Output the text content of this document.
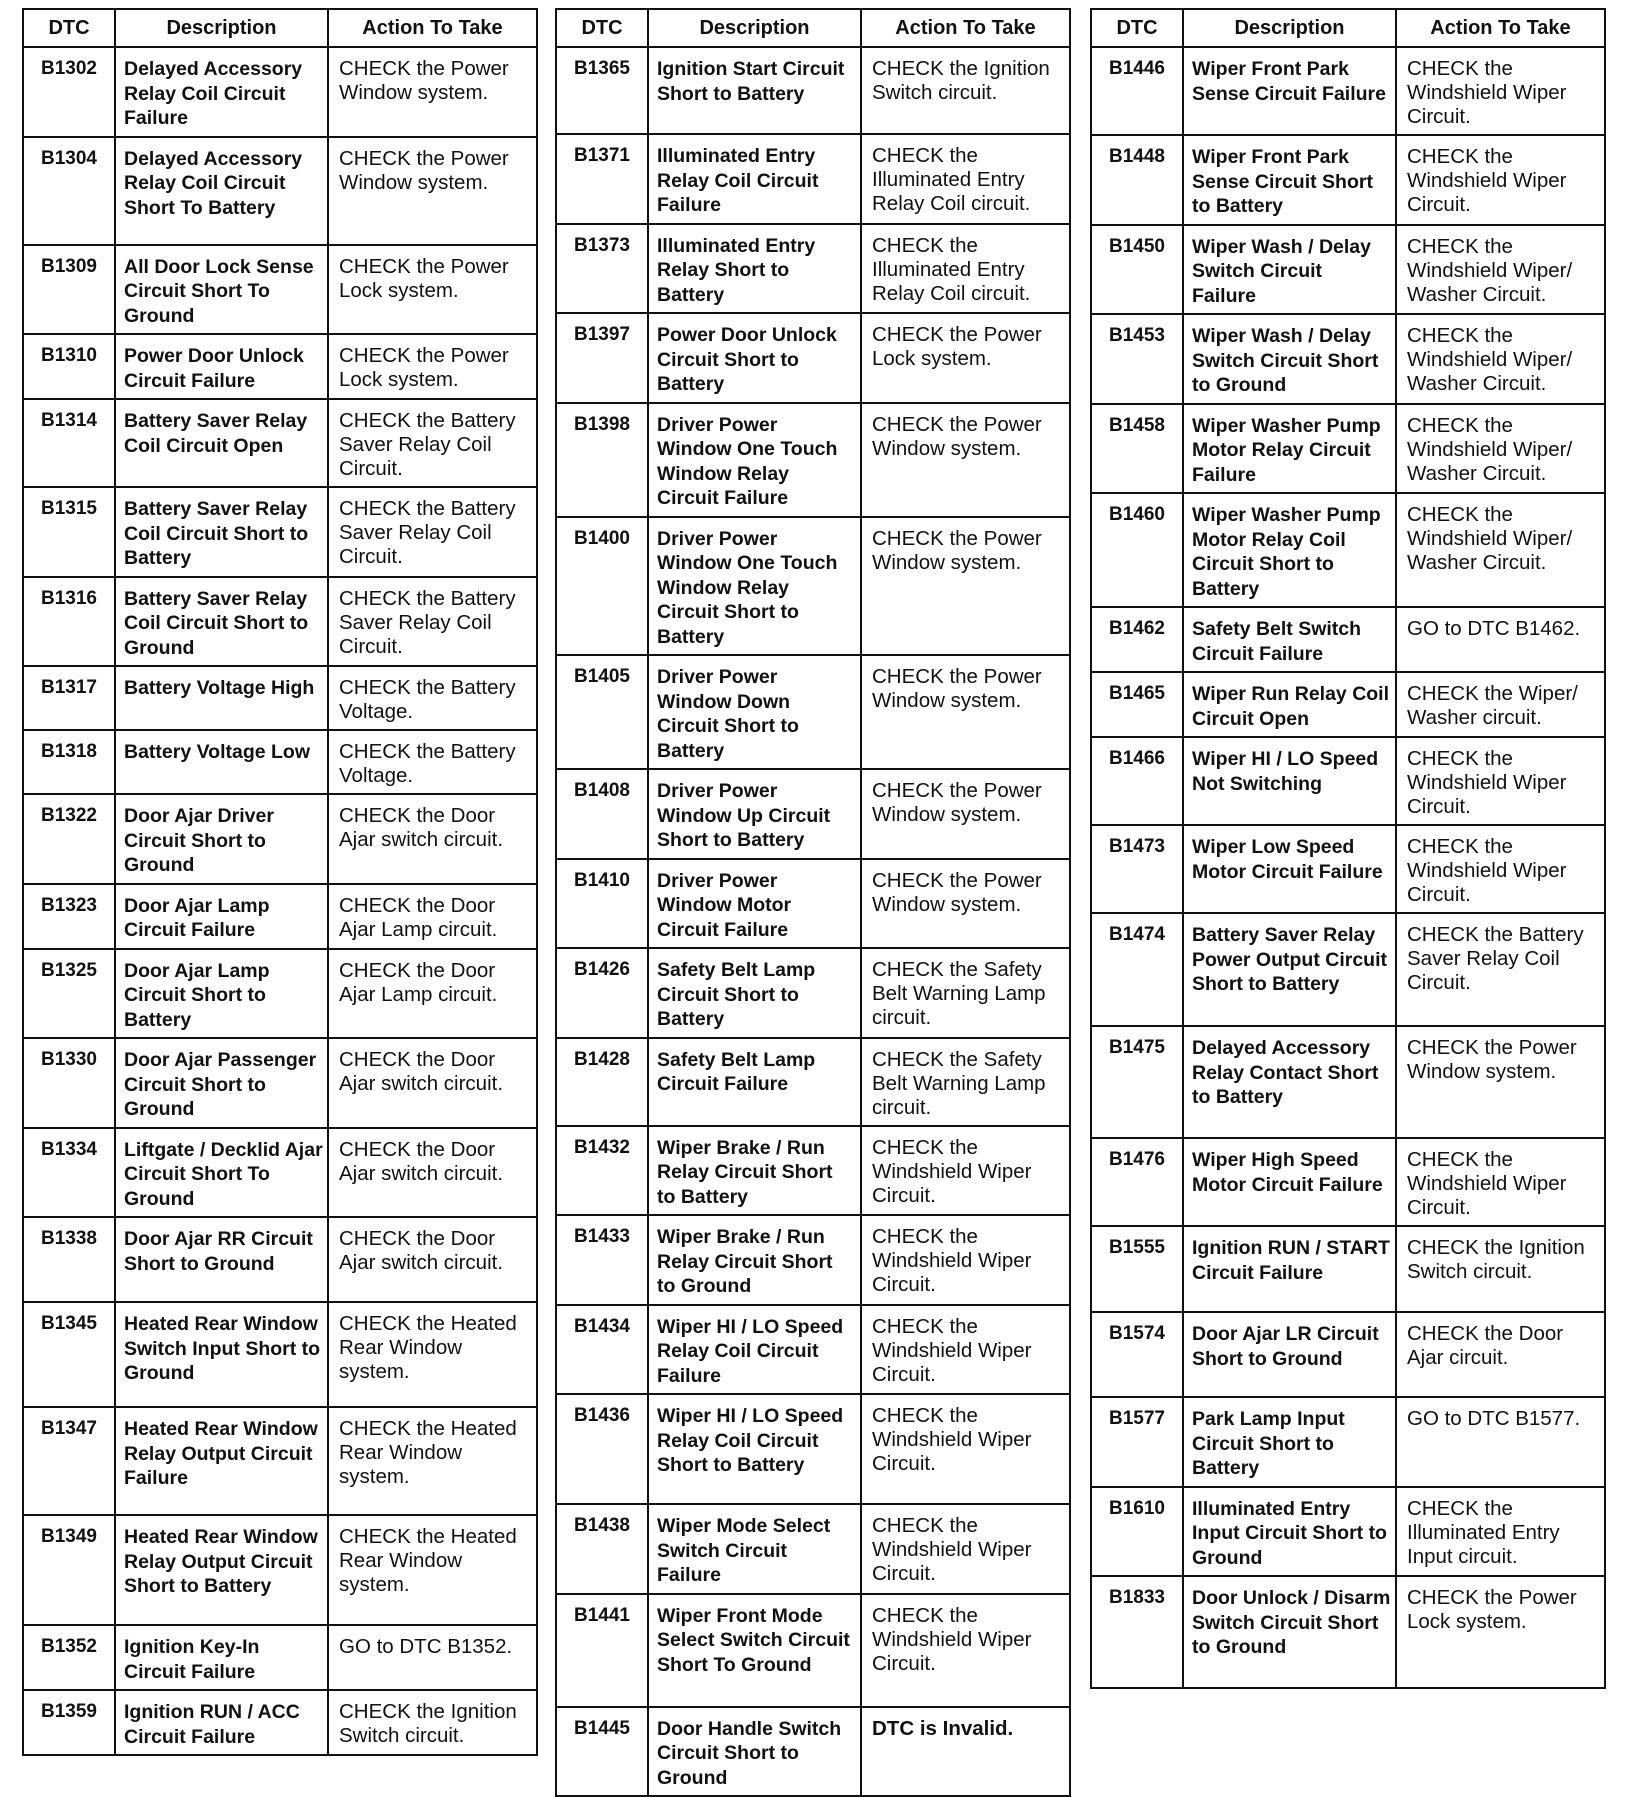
DTC	Description	Action To Take
B1302	Delayed Accessory Relay Coil Circuit Failure	CHECK the Power Window system.
B1304	Delayed Accessory Relay Coil Circuit Short To Battery	CHECK the Power Window system.
B1309	All Door Lock Sense Circuit Short To Ground	CHECK the Power Lock system.
B1310	Power Door Unlock Circuit Failure	CHECK the Power Lock system.
B1314	Battery Saver Relay Coil Circuit Open	CHECK the Battery Saver Relay Coil Circuit.
B1315	Battery Saver Relay Coil Circuit Short to Battery	CHECK the Battery Saver Relay Coil Circuit.
B1316	Battery Saver Relay Coil Circuit Short to Ground	CHECK the Battery Saver Relay Coil Circuit.
B1317	Battery Voltage High	CHECK the Battery Voltage.
B1318	Battery Voltage Low	CHECK the Battery Voltage.
B1322	Door Ajar Driver Circuit Short to Ground	CHECK the Door Ajar switch circuit.
B1323	Door Ajar Lamp Circuit Failure	CHECK the Door Ajar Lamp circuit.
B1325	Door Ajar Lamp Circuit Short to Battery	CHECK the Door Ajar Lamp circuit.
B1330	Door Ajar Passenger Circuit Short to Ground	CHECK the Door Ajar switch circuit.
B1334	Liftgate / Decklid Ajar Circuit Short To Ground	CHECK the Door Ajar switch circuit.
B1338	Door Ajar RR Circuit Short to Ground	CHECK the Door Ajar switch circuit.
B1345	Heated Rear Window Switch Input Short to Ground	CHECK the Heated Rear Window system.
B1347	Heated Rear Window Relay Output Circuit Failure	CHECK the Heated Rear Window system.
B1349	Heated Rear Window Relay Output Circuit Short to Battery	CHECK the Heated Rear Window system.
B1352	Ignition Key-In Circuit Failure	GO to DTC B1352.
B1359	Ignition RUN / ACC Circuit Failure	CHECK the Ignition Switch circuit.
DTC	Description	Action To Take
B1365	Ignition Start Circuit Short to Battery	CHECK the Ignition Switch circuit.
B1371	Illuminated Entry Relay Coil Circuit Failure	CHECK the Illuminated Entry Relay Coil circuit.
B1373	Illuminated Entry Relay Short to Battery	CHECK the Illuminated Entry Relay Coil circuit.
B1397	Power Door Unlock Circuit Short to Battery	CHECK the Power Lock system.
B1398	Driver Power Window One Touch Window Relay Circuit Failure	CHECK the Power Window system.
B1400	Driver Power Window One Touch Window Relay Circuit Short to Battery	CHECK the Power Window system.
B1405	Driver Power Window Down Circuit Short to Battery	CHECK the Power Window system.
B1408	Driver Power Window Up Circuit Short to Battery	CHECK the Power Window system.
B1410	Driver Power Window Motor Circuit Failure	CHECK the Power Window system.
B1426	Safety Belt Lamp Circuit Short to Battery	CHECK the Safety Belt Warning Lamp circuit.
B1428	Safety Belt Lamp Circuit Failure	CHECK the Safety Belt Warning Lamp circuit.
B1432	Wiper Brake / Run Relay Circuit Short to Battery	CHECK the Windshield Wiper Circuit.
B1433	Wiper Brake / Run Relay Circuit Short to Ground	CHECK the Windshield Wiper Circuit.
B1434	Wiper HI / LO Speed Relay Coil Circuit Failure	CHECK the Windshield Wiper Circuit.
B1436	Wiper HI / LO Speed Relay Coil Circuit Short to Battery	CHECK the Windshield Wiper Circuit.
B1438	Wiper Mode Select Switch Circuit Failure	CHECK the Windshield Wiper Circuit.
B1441	Wiper Front Mode Select Switch Circuit Short To Ground	CHECK the Windshield Wiper Circuit.
B1445	Door Handle Switch Circuit Short to Ground	DTC is Invalid.
DTC	Description	Action To Take
B1446	Wiper Front Park Sense Circuit Failure	CHECK the Windshield Wiper Circuit.
B1448	Wiper Front Park Sense Circuit Short to Battery	CHECK the Windshield Wiper Circuit.
B1450	Wiper Wash / Delay Switch Circuit Failure	CHECK the Windshield Wiper/ Washer Circuit.
B1453	Wiper Wash / Delay Switch Circuit Short to Ground	CHECK the Windshield Wiper/ Washer Circuit.
B1458	Wiper Washer Pump Motor Relay Circuit Failure	CHECK the Windshield Wiper/ Washer Circuit.
B1460	Wiper Washer Pump Motor Relay Coil Circuit Short to Battery	CHECK the Windshield Wiper/ Washer Circuit.
B1462	Safety Belt Switch Circuit Failure	GO to DTC B1462.
B1465	Wiper Run Relay Coil Circuit Open	CHECK the Wiper/ Washer circuit.
B1466	Wiper HI / LO Speed Not Switching	CHECK the Windshield Wiper Circuit.
B1473	Wiper Low Speed Motor Circuit Failure	CHECK the Windshield Wiper Circuit.
B1474	Battery Saver Relay Power Output Circuit Short to Battery	CHECK the Battery Saver Relay Coil Circuit.
B1475	Delayed Accessory Relay Contact Short to Battery	CHECK the Power Window system.
B1476	Wiper High Speed Motor Circuit Failure	CHECK the Windshield Wiper Circuit.
B1555	Ignition RUN / START Circuit Failure	CHECK the Ignition Switch circuit.
B1574	Door Ajar LR Circuit Short to Ground	CHECK the Door Ajar circuit.
B1577	Park Lamp Input Circuit Short to Battery	GO to DTC B1577.
B1610	Illuminated Entry Input Circuit Short to Ground	CHECK the Illuminated Entry Input circuit.
B1833	Door Unlock / Disarm Switch Circuit Short to Ground	CHECK the Power Lock system.
